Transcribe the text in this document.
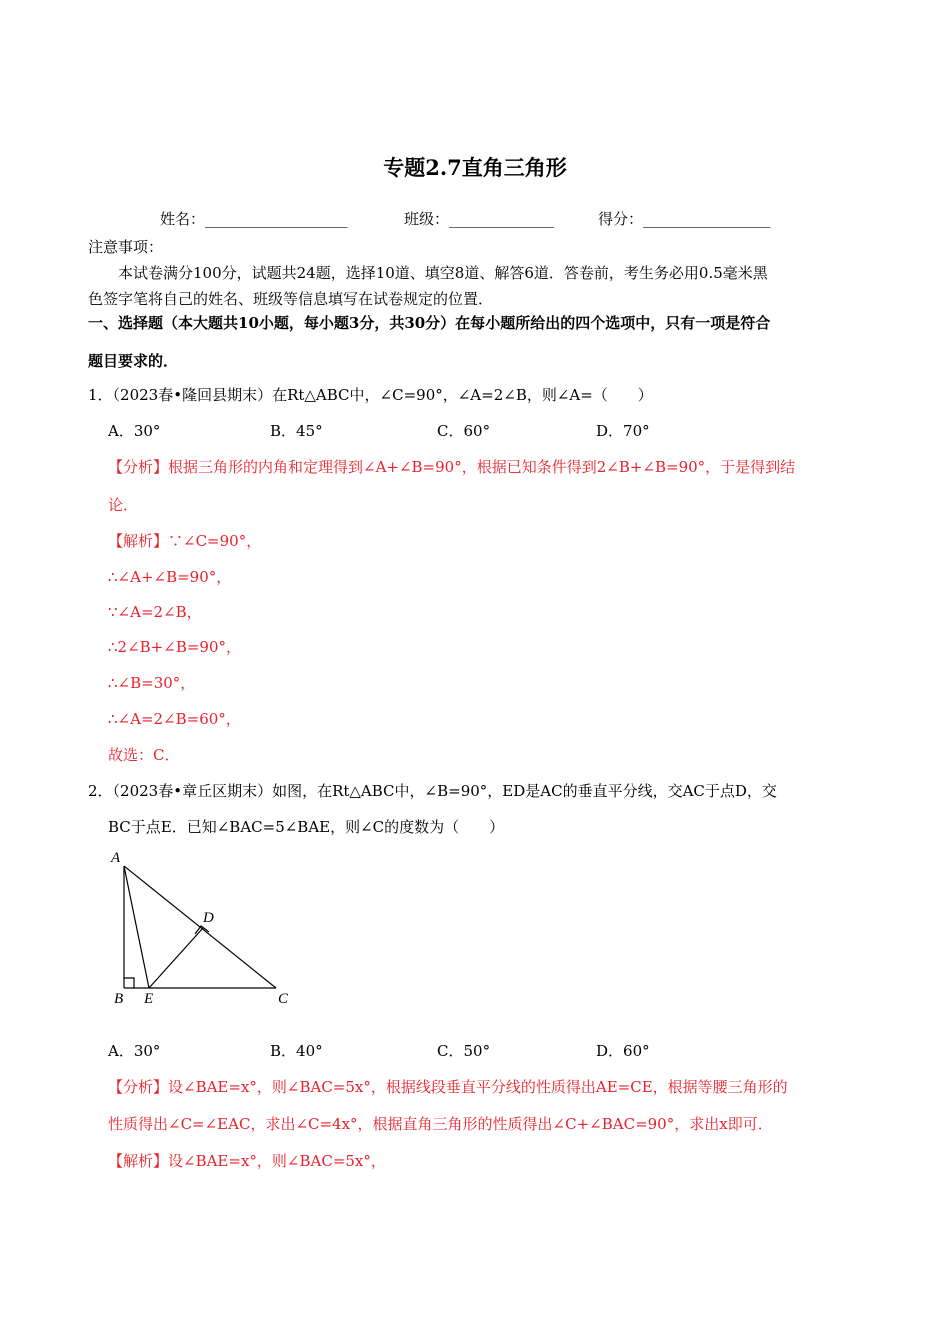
专题2.7直角三角形
姓名：___________________	班级：______________	得分：_________________
注意事项：
本试卷满分100分，试题共24题，选择10道、填空8道、解答6道．答卷前，考生务必用0.5毫米黑
色签字笔将自己的姓名、班级等信息填写在试卷规定的位置．
一、选择题（本大题共10小题，每小题3分，共30分）在每小题所给出的四个选项中，只有一项是符合
题目要求的．
1．（2023春•隆回县期末）在Rt△ABC中，∠C=90°，∠A=2∠B，则∠A=（　　）
A．30°	B．45°	C．60°	D．70°
【分析】根据三角形的内角和定理得到∠A+∠B=90°，根据已知条件得到2∠B+∠B=90°，于是得到结
论．
【解析】∵∠C=90°，
∴∠A+∠B=90°，
∵∠A=2∠B，
∴2∠B+∠B=90°，
∴∠B=30°，
∴∠A=2∠B=60°，
故选：C．
2．（2023春•章丘区期末）如图，在Rt△ABC中，∠B=90°，ED是AC的垂直平分线，交AC于点D，交
BC于点E．已知∠BAC=5∠BAE，则∠C的度数为（　　）
A
B E	C
D
A．30°	B．40°	C．50°	D．60°
【分析】设∠BAE=x°，则∠BAC=5x°，根据线段垂直平分线的性质得出AE=CE，根据等腰三角形的
性质得出∠C=∠EAC，求出∠C=4x°，根据直角三角形的性质得出∠C+∠BAC=90°，求出x即可．
【解析】设∠BAE=x°，则∠BAC=5x°，
